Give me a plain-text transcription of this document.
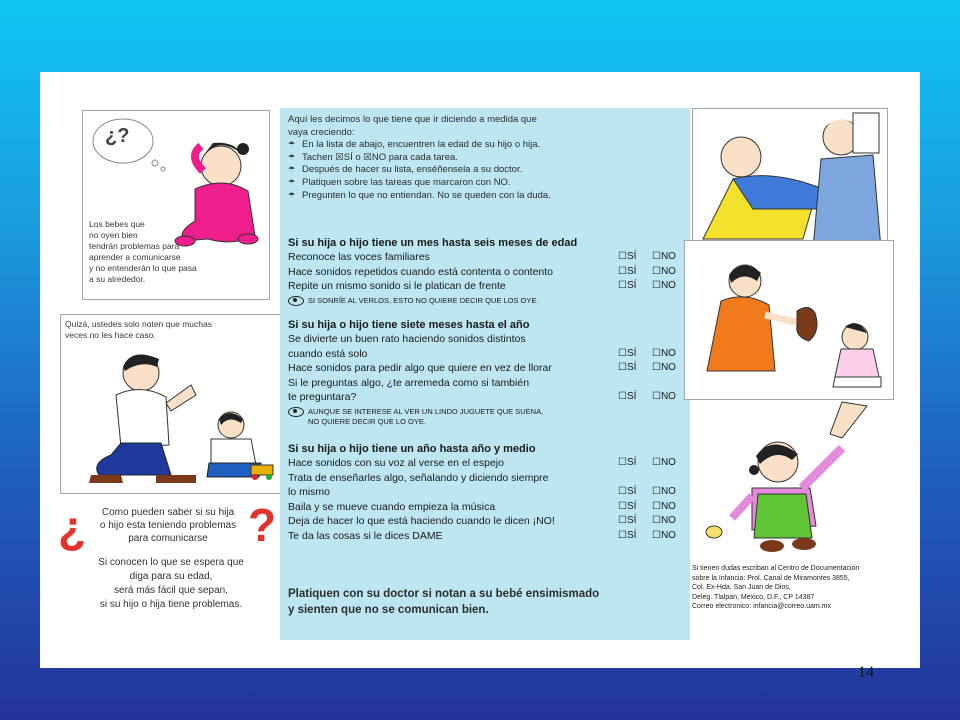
¿?
Los bebes que
no oyen bien
tendrán problemas para
aprender a comunicarse
y no entenderán lo que pasa
a su alrededor.
Quizá, ustedes solo noten que muchas
veces no les hace caso.
¿	?
Como pueden saber si su hija
o hijo esta teniendo problemas
para comunicarse
Si conocen lo que se espera que
diga para su edad,
será más fácil que sepan,
si su hijo o hija tiene problemas.
Aquí les decimos lo que tiene que ir diciendo a medida que
vaya creciendo:
☂ En la lista de abajo, encuentren la edad de su hijo o hija.
☂ Tachen ☒SÍ o ☒NO para cada tarea.
☂ Después de hacer su lista, enséñensela a su doctor.
☂ Platiquen sobre las tareas que marcaron con NO.
☂ Pregunten lo que no entiendan. No se queden con la duda.
Si su hija o hijo tiene un mes hasta seis meses de edad
Reconoce las voces familiares	☐SÍ	☐NO
Hace sonidos repetidos cuando está contenta o contento	☐SÍ	☐NO
Repite un mismo sonido si le platican de frente	☐SÍ	☐NO
SI SONRÍE AL VERLOS, ESTO NO QUIERE DECIR QUE LOS OYE.
Si su hija o hijo tiene siete meses hasta el año
Se divierte un buen rato haciendo sonidos distintos
cuando está solo	☐SÍ	☐NO
Hace sonidos para pedir algo que quiere en vez de llorar	☐SÍ	☐NO
Si le preguntas algo, ¿te arremeda como si también
te preguntara?	☐SÍ	☐NO
AUNQUE SE INTERESE AL VER UN LINDO JUGUETE QUE SUENA,
NO QUIERE DECIR QUE LO OYE.
Si su hija o hijo tiene un año hasta año y medio
Hace sonidos con su voz al verse en el espejo	☐SÍ	☐NO
Trata de enseñarles algo, señalando y diciendo siempre
lo mismo	☐SÍ	☐NO
Baila y se mueve cuando empieza la música	☐SÍ	☐NO
Deja de hacer lo que está haciendo cuando le dicen ¡NO!	☐SÍ	☐NO
Te da las cosas si le dices DAME	☐SÍ	☐NO
Platiquen con su doctor si notan a su bebé ensimismado
y sienten que no se comunican bien.
Si tienen dudas escriban al Centro de Documentación
sobre la Infancia: Prol. Canal de Miramontes 3855,
Col. Ex-Hda. San Juan de Dios,
Deleg. Tlalpan, Mexico, D.F., CP 14387
Correo electronico: infancia@correo.uam.mx
14
